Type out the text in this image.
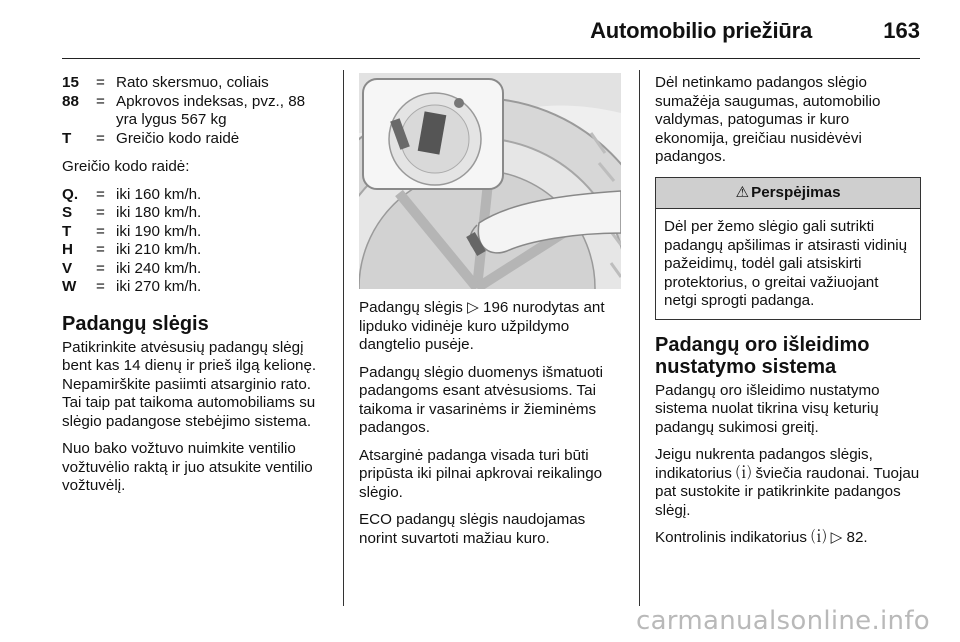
Automobilio priežiūra	163
15	= Rato skersmuo, coliais
88	= Apkrovos indeksas, pvz., 88 yra lygus 567 kg
T	= Greičio kodo raidė

Greičio kodo raidė:

Q.	= iki 160 km/h.
S	= iki 180 km/h.
T	= iki 190 km/h.
H	= iki 210 km/h.
V	= iki 240 km/h.
W	= iki 270 km/h.
Padangų slėgis

Patikrinkite atvėsusių padangų slėgį bent kas 14 dienų ir prieš ilgą kelionę. Nepamirškite pasiimti atsarginio rato. Tai taip pat taikoma automobiliams su slėgio padangose stebėjimo sistema.

Nuo bako vožtuvo nuimkite ventilio vožtuvėlio raktą ir juo atsukite ventilio vožtuvėlį.

Padangų slėgis ▷ 196 nurodytas ant lipduko vidinėje kuro užpildymo dangtelio pusėje.

Padangų slėgio duomenys išmatuoti padangoms esant atvėsusioms. Tai taikoma ir vasarinėms ir žieminėms padangos.

Atsarginė padanga visada turi būti pripūsta iki pilnai apkrovai reikalingo slėgio.

ECO padangų slėgis naudojamas norint suvartoti mažiau kuro.

Dėl netinkamo padangos slėgio sumažėja saugumas, automobilio valdymas, patogumas ir kuro ekonomija, greičiau nusidėvėvi padangos.

⚠ Perspėjimas
Dėl per žemo slėgio gali sutrikti padangų apšilimas ir atsirasti vidinių pažeidimų, todėl gali atsiskirti protektorius, o greitai važiuojant netgi sprogti padanga.
Padangų oro išleidimo nustatymo sistema

Padangų oro išleidimo nustatymo sistema nuolat tikrina visų keturių padangų sukimosi greitį.

Jeigu nukrenta padangos slėgis, indikatorius ⒤ šviečia raudonai. Tuojau pat sustokite ir patikrinkite padangos slėgį.

Kontrolinis indikatorius ⒤ ▷ 82.

carmanualsonline.info
